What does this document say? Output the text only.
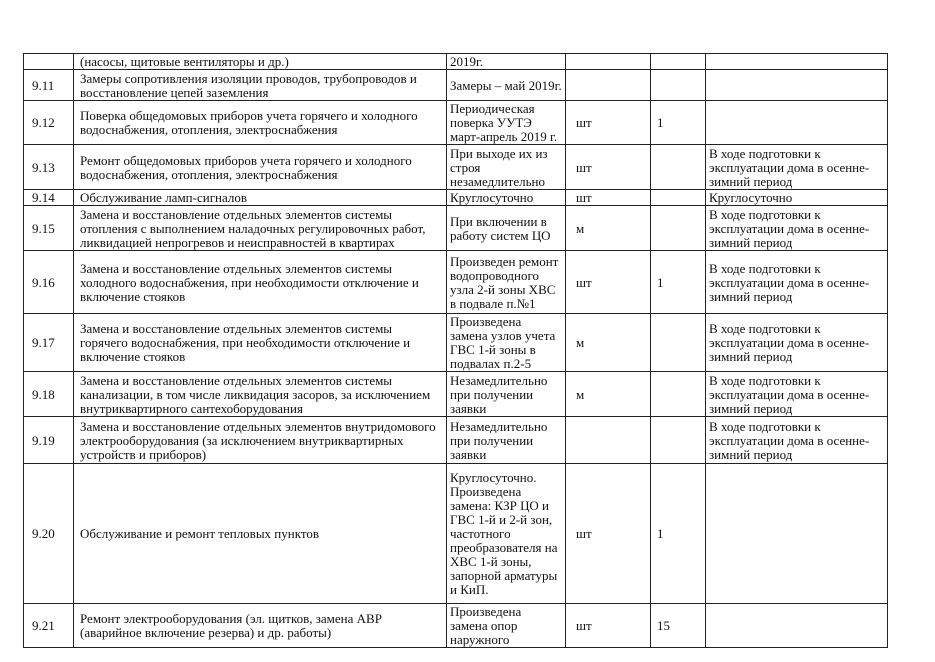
	(насосы, щитовые вентиляторы и др.)	2019г.			
9.11	Замеры сопротивления изоляции проводов, трубопроводов и восстановление цепей заземления	Замеры – май 2019г.			
9.12	Поверка общедомовых приборов учета горячего и холодного водоснабжения, отопления, электроснабжения	Периодическая поверка УУТЭ март-апрель 2019 г.	шт	1	
9.13	Ремонт общедомовых приборов учета горячего и холодного водоснабжения, отопления, электроснабжения	При выходе их из строя незамедлительно	шт		В ходе подготовки к эксплуатации дома в осенне-зимний период
9.14	Обслуживание ламп-сигналов	Круглосуточно	шт		Круглосуточно
9.15	Замена и восстановление отдельных элементов системы отопления с выполнением наладочных регулировочных работ, ликвидацией непрогревов и неисправностей в квартирах	При включении в работу систем ЦО	м		В ходе подготовки к эксплуатации дома в осенне-зимний период
9.16	Замена и восстановление отдельных элементов системы холодного водоснабжения, при необходимости отключение и включение стояков	Произведен ремонт водопроводного узла 2-й зоны ХВС в подвале п.№1	шт	1	В ходе подготовки к эксплуатации дома в осенне-зимний период
9.17	Замена и восстановление отдельных элементов системы горячего водоснабжения, при необходимости отключение и включение стояков	Произведена замена узлов учета ГВС 1-й зоны в подвалах п.2-5	м		В ходе подготовки к эксплуатации дома в осенне-зимний период
9.18	Замена и восстановление отдельных элементов системы канализации, в том числе ликвидация засоров, за исключением внутриквартирного сантехоборудования	Незамедлительно при получении заявки	м		В ходе подготовки к эксплуатации дома в осенне-зимний период
9.19	Замена и восстановление отдельных элементов внутридомового электрооборудования (за исключением внутриквартирных устройств и приборов)	Незамедлительно при получении заявки			В ходе подготовки к эксплуатации дома в осенне-зимний период
9.20	Обслуживание и ремонт тепловых пунктов	Круглосуточно. Произведена замена: КЗР ЦО и ГВС 1-й и 2-й зон, частотного преобразователя на ХВС 1-й зоны, запорной арматуры и КиП.	шт	1	
9.21	Ремонт электрооборудования (эл. щитков, замена АВР (аварийное включение резерва) и др. работы)	Произведена замена опор наружного	шт	15	
